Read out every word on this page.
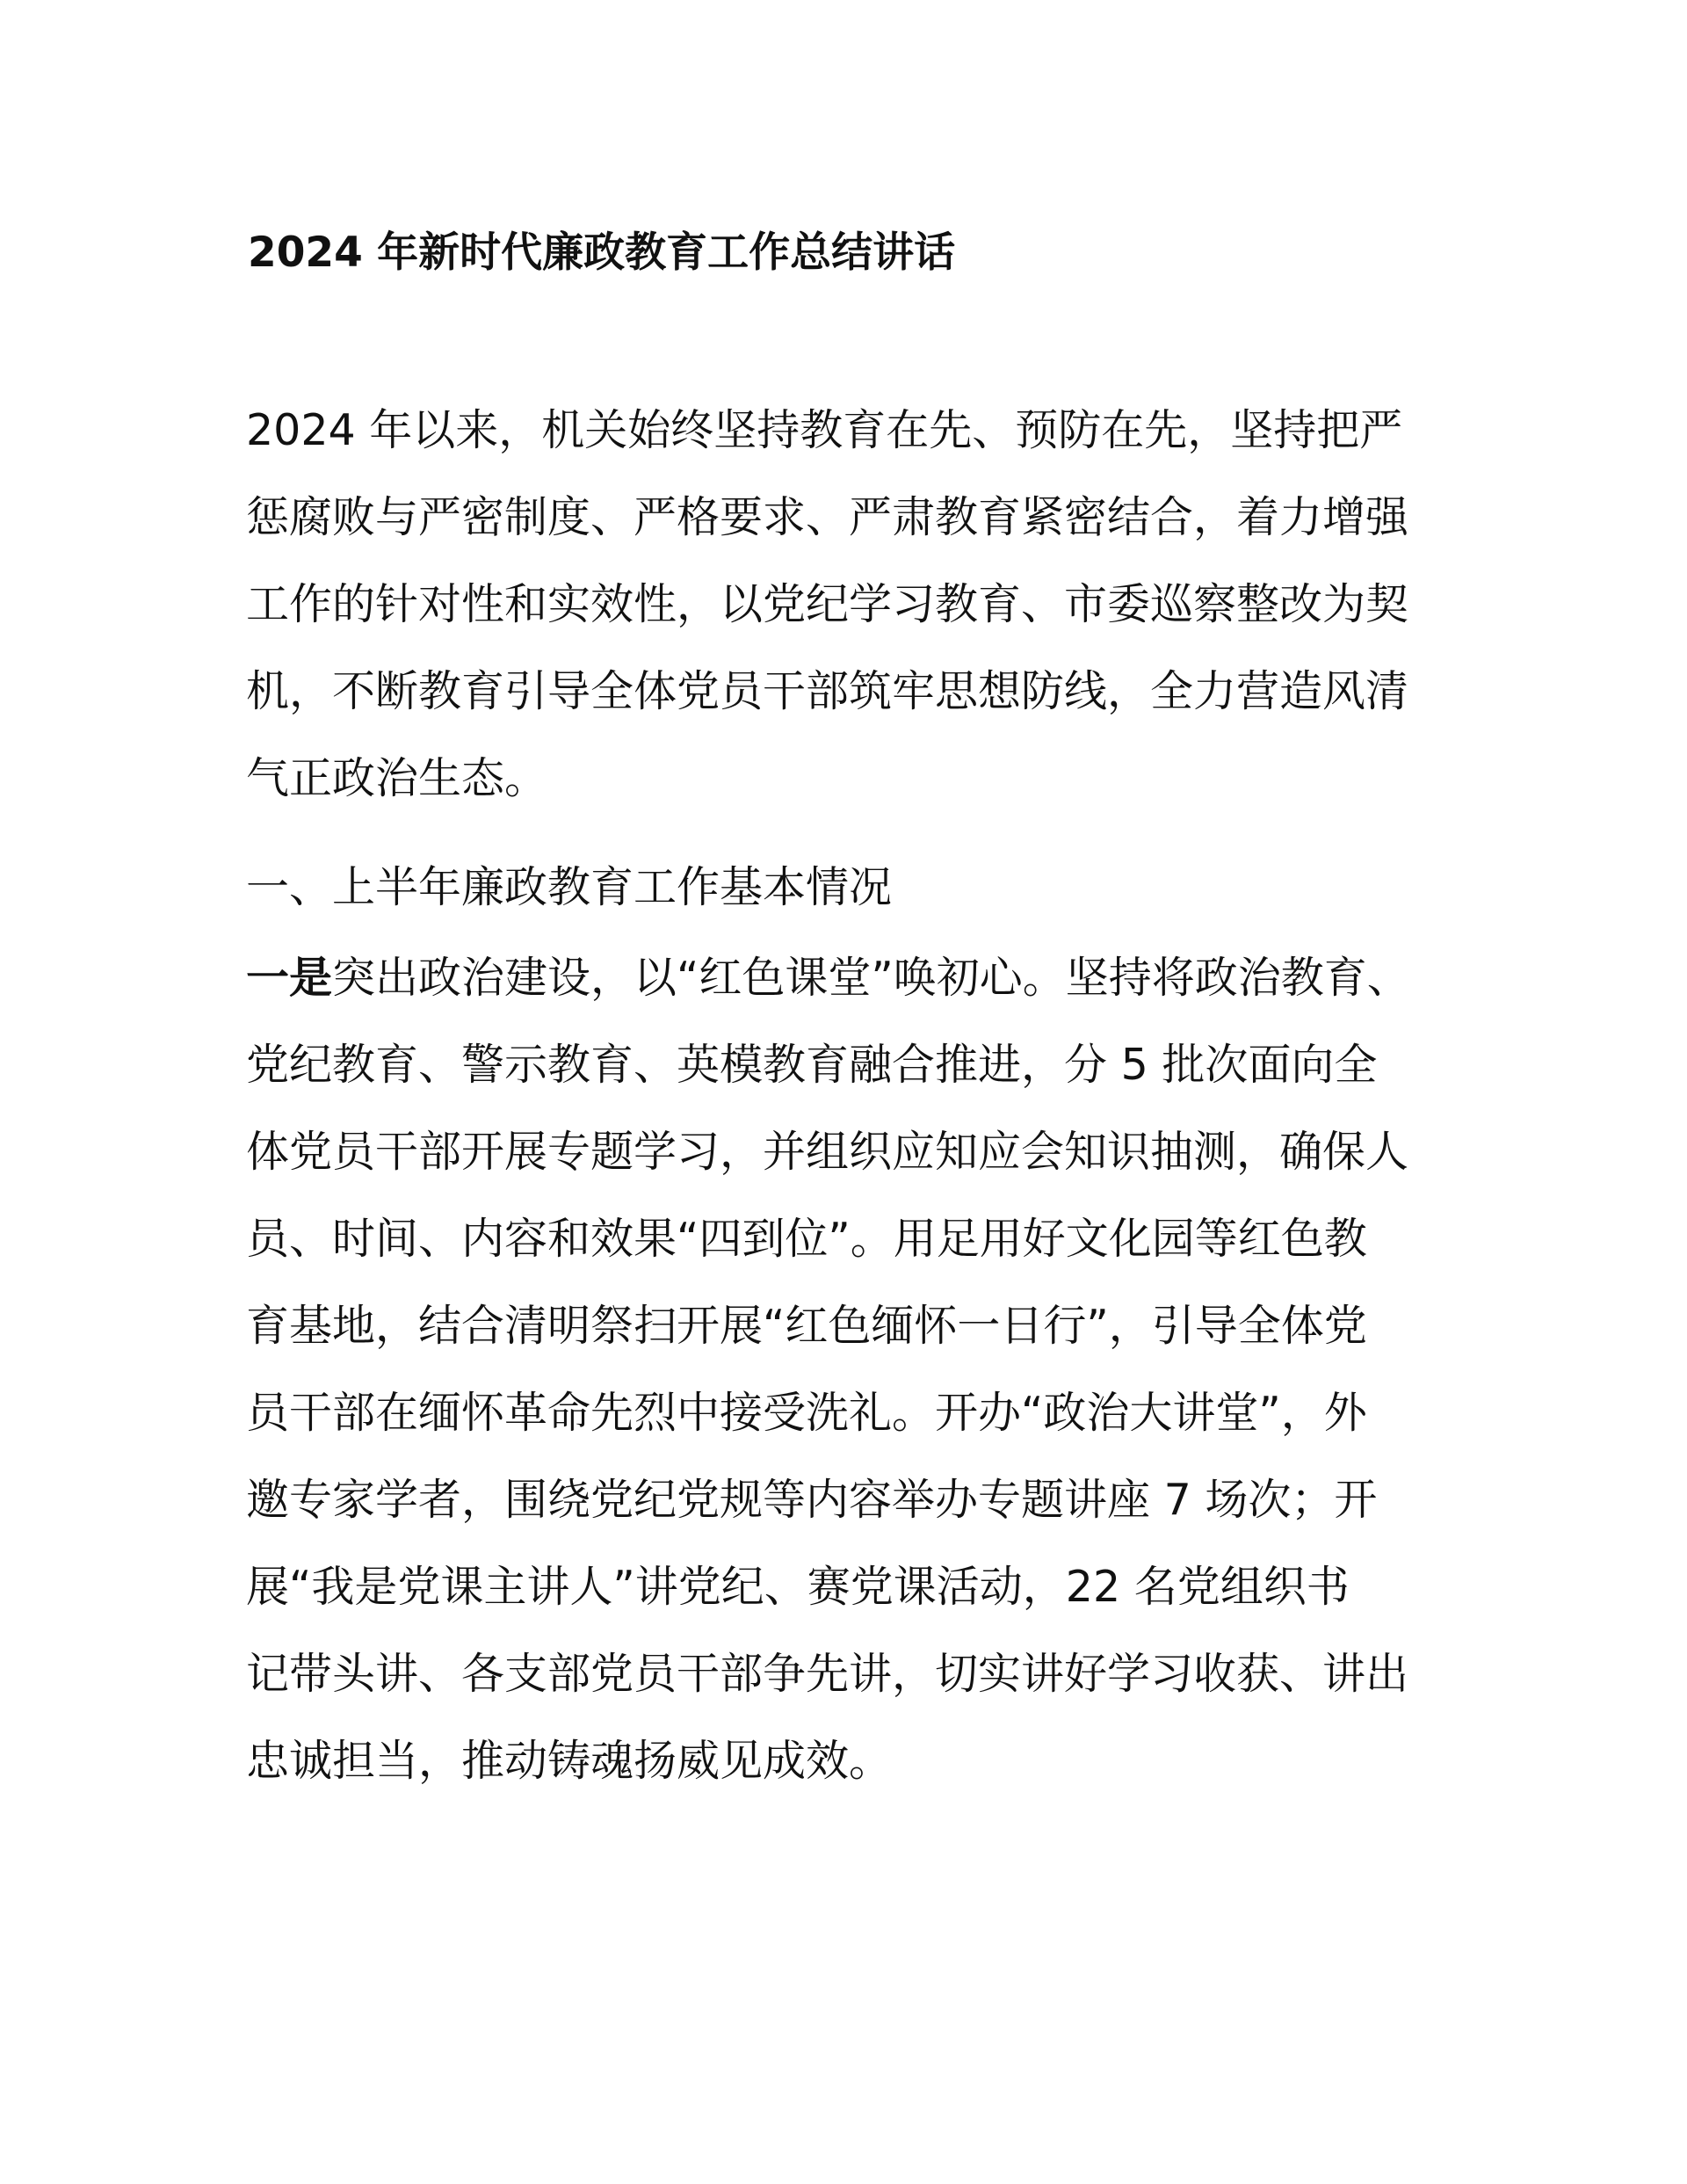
2024 年新时代廉政教育工作总结讲话
2024 年以来，机关始终坚持教育在先、预防在先，坚持把严
惩腐败与严密制度、严格要求、严肃教育紧密结合，着力增强
工作的针对性和实效性，以党纪学习教育、市委巡察整改为契
机，不断教育引导全体党员干部筑牢思想防线，全力营造风清
气正政治生态。
一、上半年廉政教育工作基本情况
一是突出政治建设，以“红色课堂”唤初心。坚持将政治教育、
党纪教育、警示教育、英模教育融合推进，分 5 批次面向全
体党员干部开展专题学习，并组织应知应会知识抽测，确保人
员、时间、内容和效果“四到位”。用足用好文化园等红色教
育基地，结合清明祭扫开展“红色缅怀一日行”，引导全体党
员干部在缅怀革命先烈中接受洗礼。开办“政治大讲堂”，外
邀专家学者，围绕党纪党规等内容举办专题讲座 7 场次；开
展“我是党课主讲人”讲党纪、赛党课活动，22 名党组织书
记带头讲、各支部党员干部争先讲，切实讲好学习收获、讲出
忠诚担当，推动铸魂扬威见成效。
